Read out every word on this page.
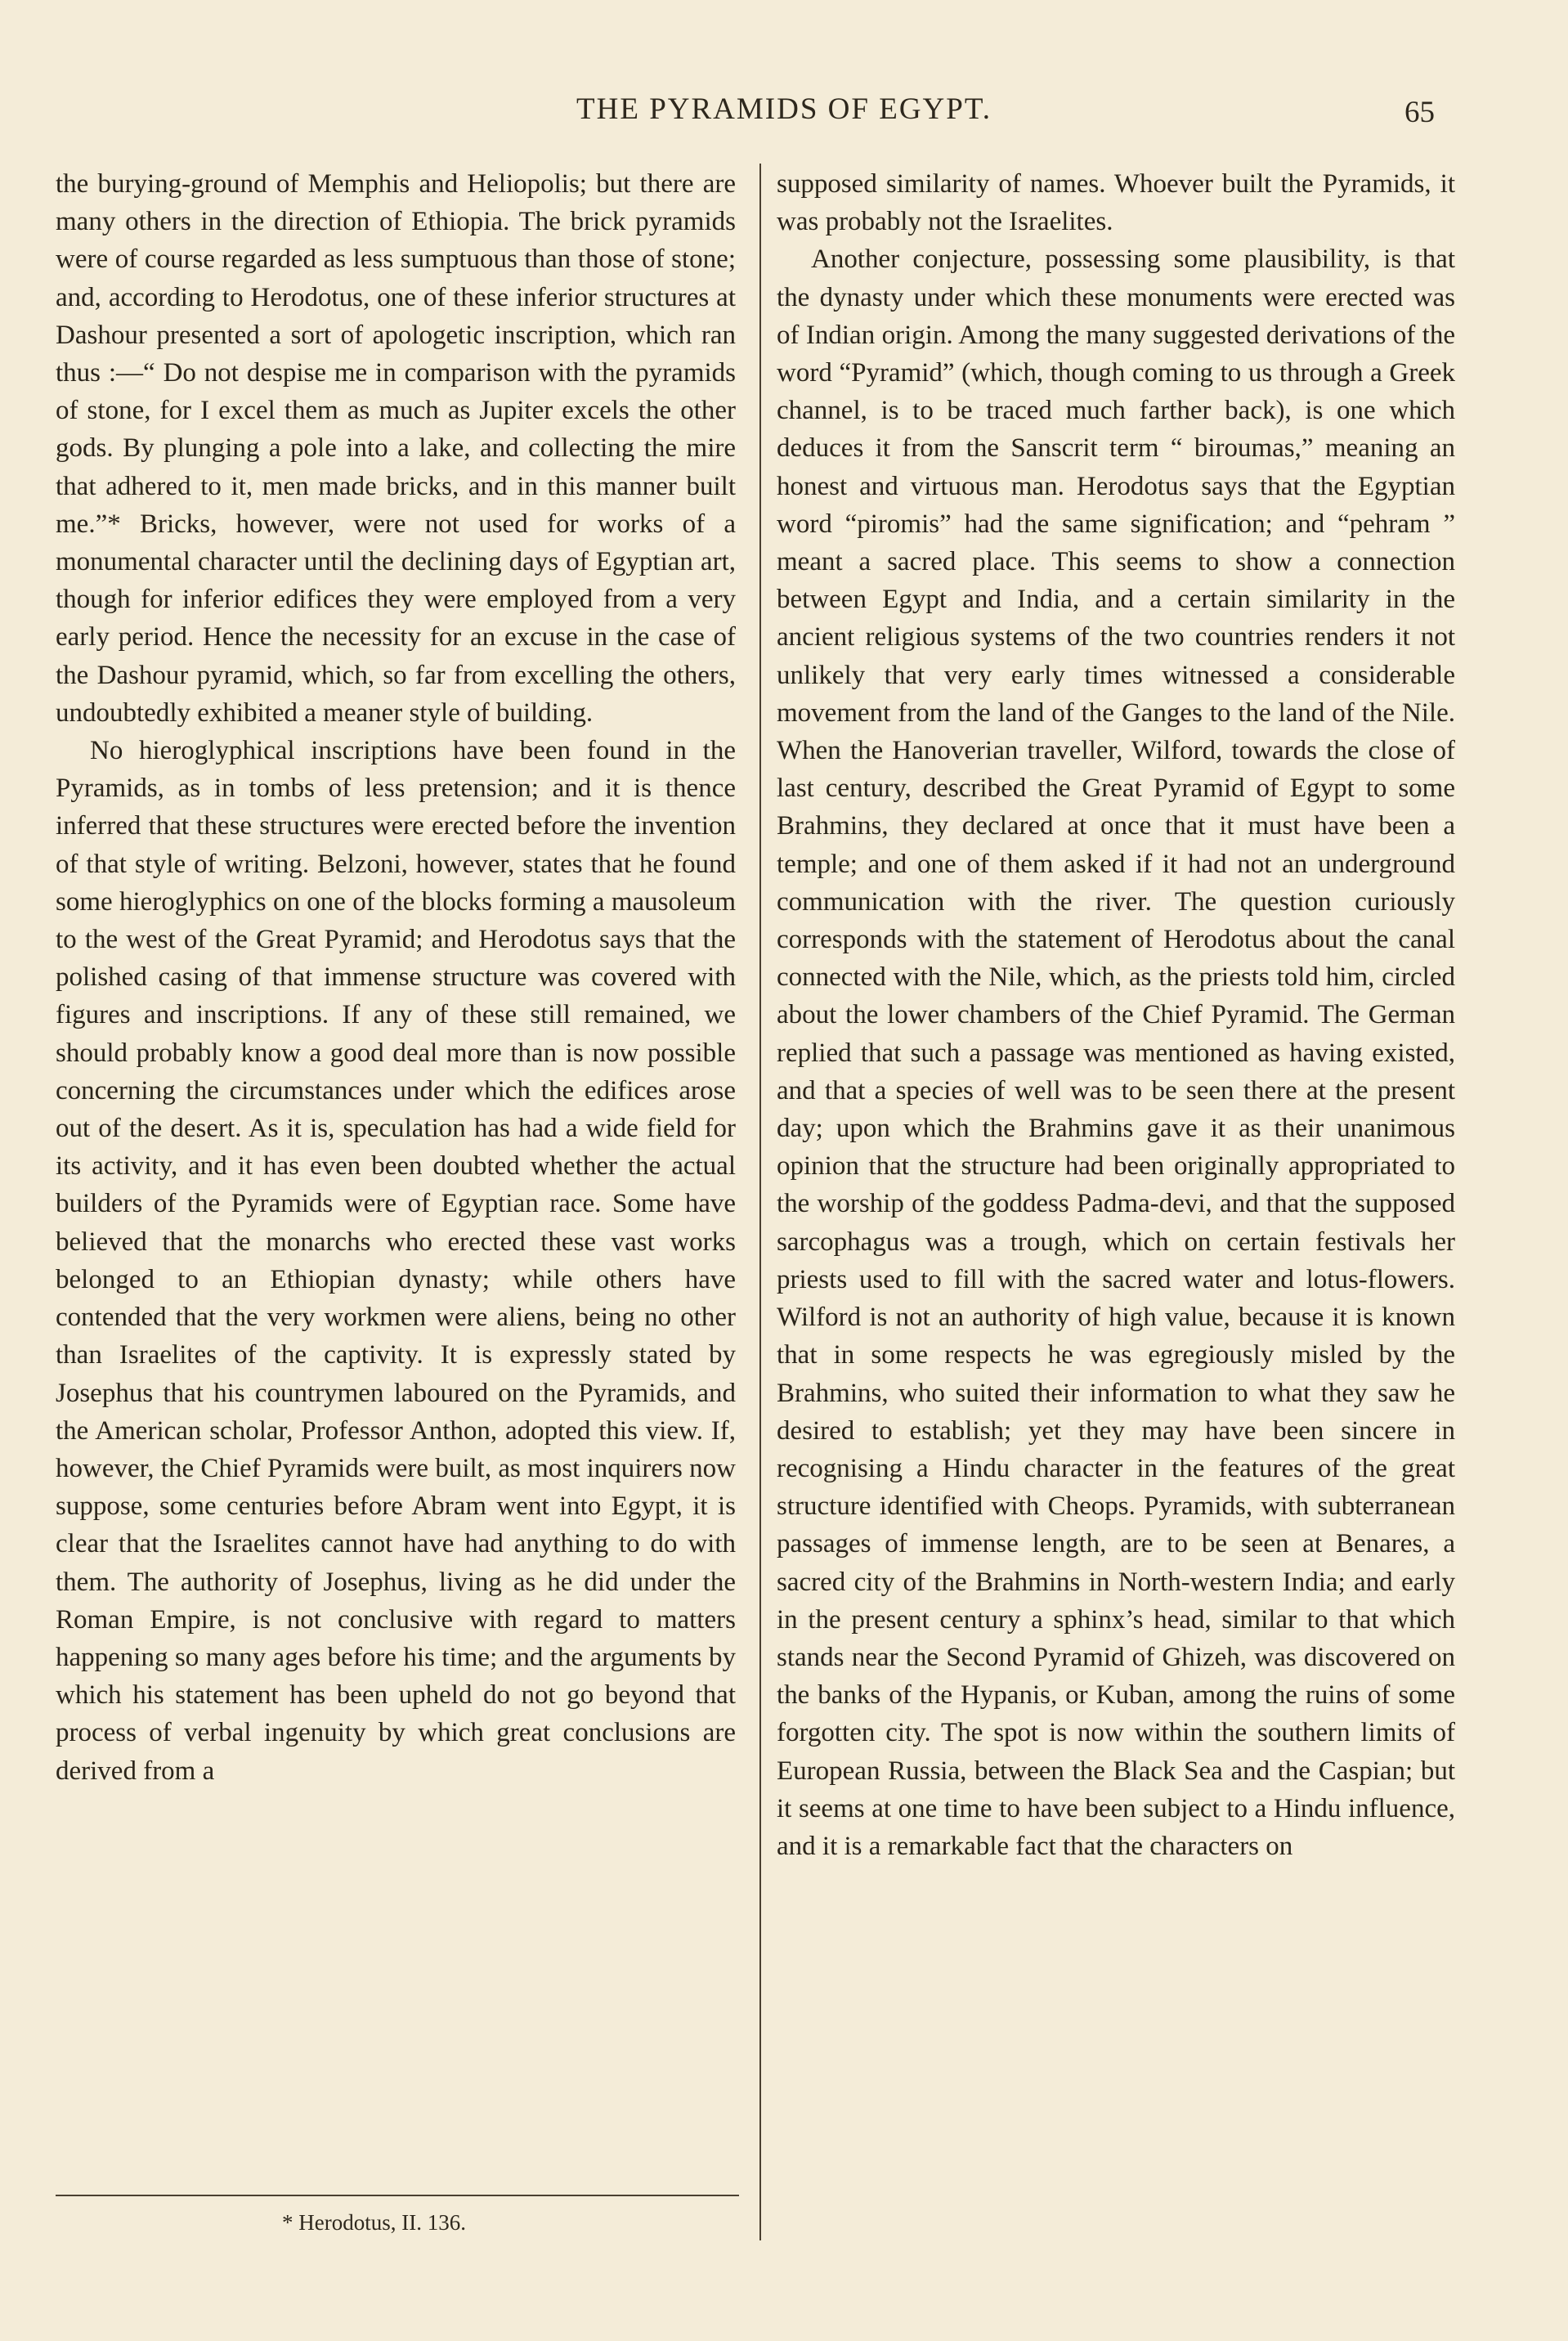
THE PYRAMIDS OF EGYPT.	65

the burying-ground of Memphis and Heliopolis; but there are many others in the direction of Ethiopia. The brick pyramids were of course regarded as less sumptuous than those of stone; and, according to Herodotus, one of these inferior structures at Dashour presented a sort of apologetic inscription, which ran thus :—“ Do not despise me in comparison with the pyramids of stone, for I excel them as much as Jupiter excels the other gods. By plunging a pole into a lake, and collecting the mire that adhered to it, men made bricks, and in this manner built me.”* Bricks, however, were not used for works of a monumental character until the declining days of Egyptian art, though for inferior edifices they were employed from a very early period. Hence the necessity for an excuse in the case of the Dashour pyramid, which, so far from excelling the others, undoubtedly exhibited a meaner style of building.

No hieroglyphical inscriptions have been found in the Pyramids, as in tombs of less pretension; and it is thence inferred that these structures were erected before the invention of that style of writing. Belzoni, however, states that he found some hieroglyphics on one of the blocks forming a mausoleum to the west of the Great Pyramid; and Herodotus says that the polished casing of that immense structure was covered with figures and inscriptions. If any of these still remained, we should probably know a good deal more than is now possible concerning the circumstances under which the edifices arose out of the desert. As it is, speculation has had a wide field for its activity, and it has even been doubted whether the actual builders of the Pyramids were of Egyptian race. Some have believed that the monarchs who erected these vast works belonged to an Ethiopian dynasty; while others have contended that the very workmen were aliens, being no other than Israelites of the captivity. It is expressly stated by Josephus that his countrymen laboured on the Pyramids, and the American scholar, Professor Anthon, adopted this view. If, however, the Chief Pyramids were built, as most inquirers now suppose, some centuries before Abram went into Egypt, it is clear that the Israelites cannot have had anything to do with them. The authority of Josephus, living as he did under the Roman Empire, is not conclusive with regard to matters happening so many ages before his time; and the arguments by which his statement has been upheld do not go beyond that process of verbal ingenuity by which great conclusions are derived from a

supposed similarity of names. Whoever built the Pyramids, it was probably not the Israelites.

Another conjecture, possessing some plausibility, is that the dynasty under which these monuments were erected was of Indian origin. Among the many suggested derivations of the word “Pyramid” (which, though coming to us through a Greek channel, is to be traced much farther back), is one which deduces it from the Sanscrit term “ biroumas,” meaning an honest and virtuous man. Herodotus says that the Egyptian word “piromis” had the same signification; and “pehram ” meant a sacred place. This seems to show a connection between Egypt and India, and a certain similarity in the ancient religious systems of the two countries renders it not unlikely that very early times witnessed a considerable movement from the land of the Ganges to the land of the Nile. When the Hanoverian traveller, Wilford, towards the close of last century, described the Great Pyramid of Egypt to some Brahmins, they declared at once that it must have been a temple; and one of them asked if it had not an underground communication with the river. The question curiously corresponds with the statement of Herodotus about the canal connected with the Nile, which, as the priests told him, circled about the lower chambers of the Chief Pyramid. The German replied that such a passage was mentioned as having existed, and that a species of well was to be seen there at the present day; upon which the Brahmins gave it as their unanimous opinion that the structure had been originally appropriated to the worship of the goddess Padma-devi, and that the supposed sarcophagus was a trough, which on certain festivals her priests used to fill with the sacred water and lotus-flowers. Wilford is not an authority of high value, because it is known that in some respects he was egregiously misled by the Brahmins, who suited their information to what they saw he desired to establish; yet they may have been sincere in recognising a Hindu character in the features of the great structure identified with Cheops. Pyramids, with subterranean passages of immense length, are to be seen at Benares, a sacred city of the Brahmins in North-western India; and early in the present century a sphinx’s head, similar to that which stands near the Second Pyramid of Ghizeh, was discovered on the banks of the Hypanis, or Kuban, among the ruins of some forgotten city. The spot is now within the southern limits of European Russia, between the Black Sea and the Caspian; but it seems at one time to have been subject to a Hindu influence, and it is a remarkable fact that the characters on

* Herodotus, II. 136.
